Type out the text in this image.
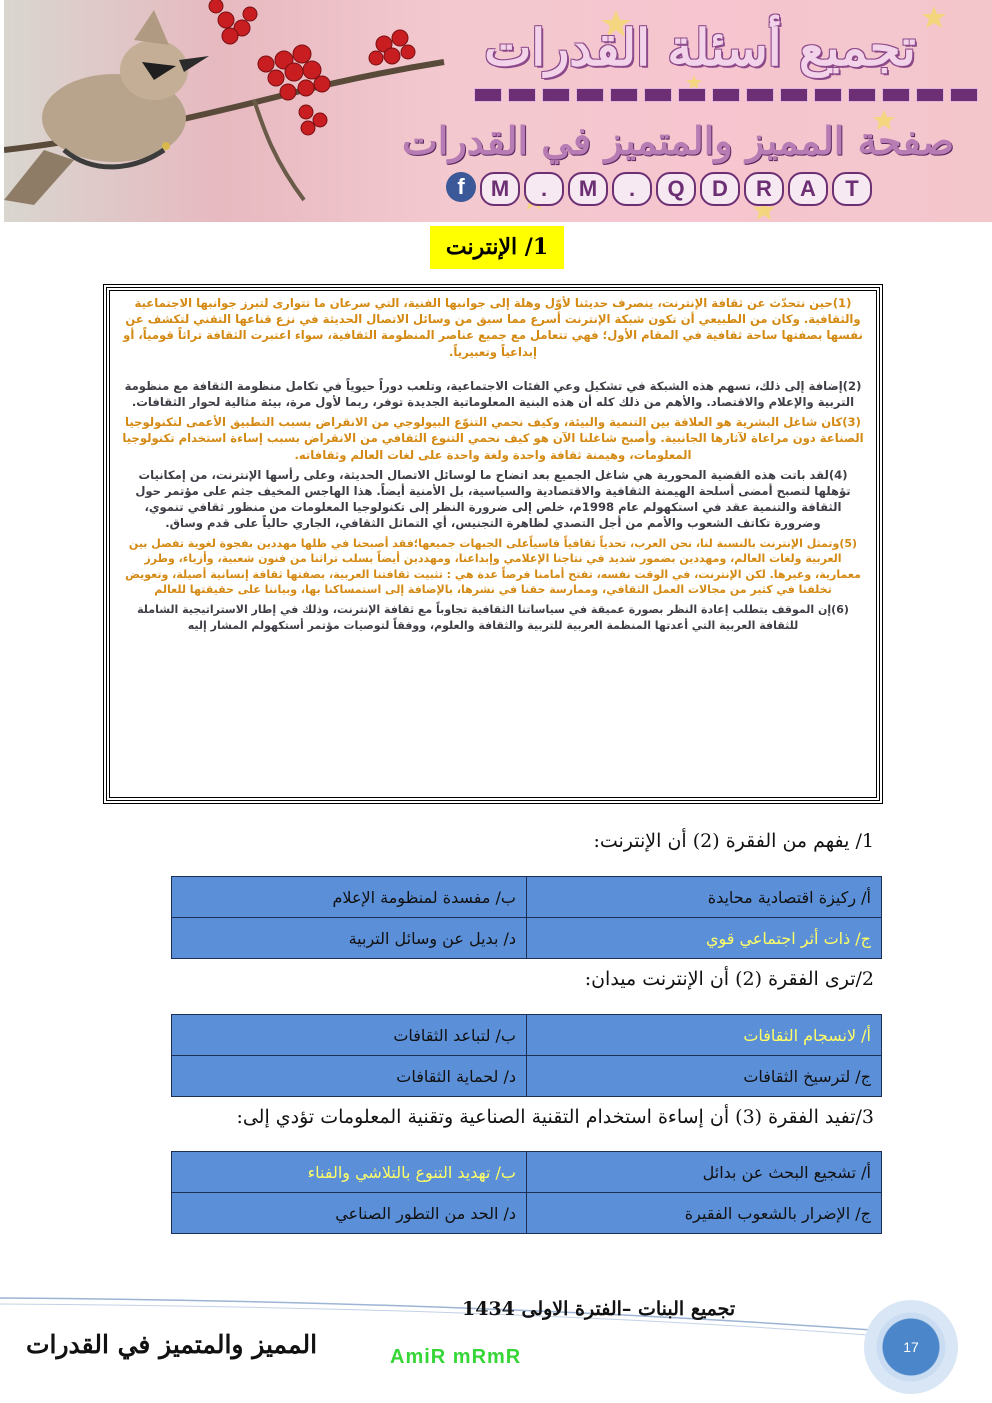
تجميع أسئلة القدرات
صفحة المميز والمتميز في القدرات
f	M	.	M	.	Q	D	R	A	T
1/ الإنترنت

(1)حين نتحدّث عن ثقافة الإنترنت، ينصرف حديثنا لأوّل وهلة إلى جوانبها الفنية، التي سرعان ما تتوارى لتبرز جوانبها الاجتماعية والثقافية. وكان من الطبيعي أن تكون شبكة الإنترنت أسرع مما سبق من وسائل الاتصال الحديثة في نزع قناعها التقني لتكشف عن نفسها بصفتها ساحة ثقافية في المقام الأول؛ فهي تتعامل مع جميع عناصر المنظومة الثقافية، سواء اعتبرت الثقافة تراثاً قومياً، أو إبداعياً وتعبيرياً.

(2)إضافة إلى ذلك، تسهم هذه الشبكة في تشكيل وعي الفئات الاجتماعية، وتلعب دوراً حيوياً في تكامل منظومة الثقافة مع منظومة التربية والإعلام والاقتصاد. والأهم من ذلك كله أن هذه البنية المعلوماتية الجديدة توفر، ربما لأول مرة، بيئة مثالية لحوار الثقافات.

(3)كان شاغل البشرية هو العلاقة بين التنمية والبيئة، وكيف نحمي التنوّع البيولوجي من الانقراض بسبب التطبيق الأعمى لتكنولوجيا الصناعة دون مراعاة لآثارها الجانبية. وأصبح شاغلنا الآن هو كيف نحمي التنوع الثقافي من الانقراض بسبب إساءة استخدام تكنولوجيا المعلومات، وهيمنة ثقافة واحدة ولغة واحدة على لغات العالم وثقافاته.

(4)لقد باتت هذه القضية المحورية هي شاغل الجميع بعد اتضاح ما لوسائل الاتصال الحديثة، وعلى رأسها الإنترنت، من إمكانيات تؤهلها لتصبح أمضى أسلحة الهيمنة الثقافية والاقتصادية والسياسية، بل الأمنية أيضاً. هذا الهاجس المخيف جثم على مؤتمر حول الثقافة والتنمية عقد في استكهولم عام 1998م، خلص إلى ضرورة النظر إلى تكنولوجيا المعلومات من منظور ثقافي تنموي، وضرورة تكاتف الشعوب والأمم من أجل التصدي لظاهرة التجنيس، أي التماثل الثقافي، الجاري حالياً على قدم وساق.

(5)وتمثل الإنترنت بالنسبة لنا، نحن العرب، تحدياً ثقافياً قاسياًعلى الجبهات جميعها؛فقد أصبحنا في ظلها مهددين بفجوة لغوية تفصل بين العربية ولغات العالم، ومهددين بضمور شديد في نتاجنا الإعلامي وإبداعنا، ومهددين أيضاً بسلب تراثنا من فنون شعبية، وأزياء، وطرز معمارية، وغيرها. لكن الإنترنت، في الوقت نفسه، تفتح أمامنا فرصاً عدة هي : تثبيت ثقافتنا العربية، بصفتها ثقافة إنسانية أصيلة، وتعويض تخلفنا في كثير من مجالات العمل الثقافي، وممارسة حقنا في نشرها، بالإضافة إلى استمساكنا بها، وبياننا على حقيقتها للعالم

(6)إن الموقف يتطلب إعادة النظر بصورة عميقة في سياساتنا الثقافية تجاوباً مع ثقافة الإنترنت، وذلك في إطار الاستراتيجية الشاملة للثقافة العربية التي أعدتها المنظمة العربية للتربية والثقافة والعلوم، ووفقاً لتوصيات مؤتمر أستكهولم المشار إليه

1/ يفهم من الفقرة (2) أن الإنترنت:
أ/ ركيزة اقتصادية محايدة	ب/ مفسدة لمنظومة الإعلام
ج/ ذات أثر اجتماعي قوي	د/ بديل عن وسائل التربية
2/ترى الفقرة (2) أن الإنترنت ميدان:
أ/ لانسجام الثقافات	ب/ لتباعد الثقافات
ج/ لترسيخ الثقافات	د/ لحماية الثقافات
3/تفيد الفقرة (3) أن إساءة استخدام التقنية الصناعية وتقنية المعلومات تؤدي إلى:
أ/ تشجيع البحث عن بدائل	ب/ تهديد التنوع بالتلاشي والفناء
ج/ الإضرار بالشعوب الفقيرة	د/ الحد من التطور الصناعي
تجميع البنات –الفترة الاولى 1434
المميز والمتميز في القدرات	AmiR mRmR	17
